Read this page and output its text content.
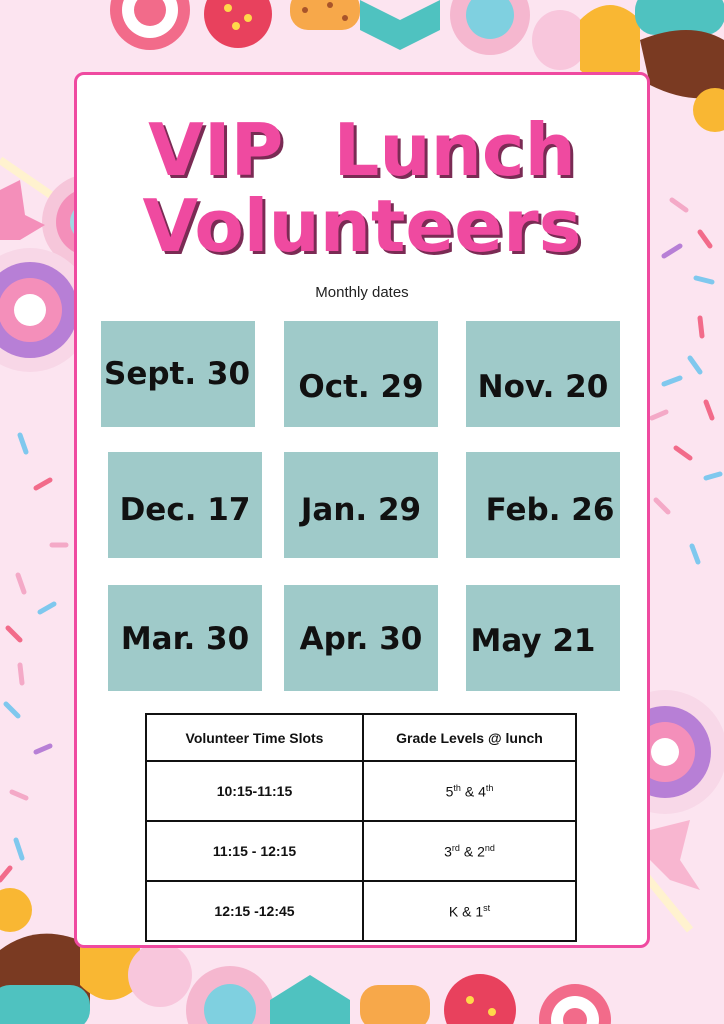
VIP  Lunch
Volunteers
Monthly dates
Sept. 30 Oct. 29 Nov. 20
Dec. 17 Jan. 29 Feb. 26
Mar. 30 Apr. 30 May 21
Volunteer Time Slots	Grade Levels @ lunch
10:15-11:15	5th & 4th
11:15 - 12:15	3rd & 2nd
12:15 -12:45	K & 1st
